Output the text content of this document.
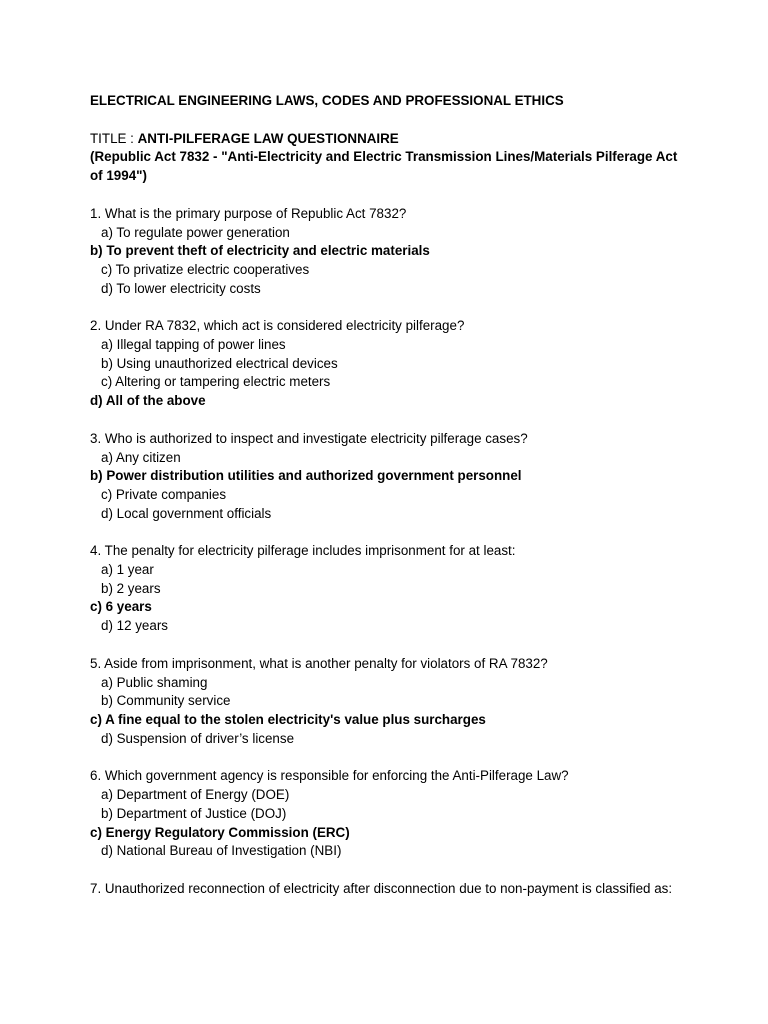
ELECTRICAL ENGINEERING LAWS, CODES AND PROFESSIONAL ETHICS

TITLE : ANTI-PILFERAGE LAW QUESTIONNAIRE

(Republic Act 7832 - "Anti-Electricity and Electric Transmission Lines/Materials Pilferage Act of 1994")

1. What is the primary purpose of Republic Act 7832?

a) To regulate power generation
b) To prevent theft of electricity and electric materials
c) To privatize electric cooperatives
d) To lower electricity costs

2. Under RA 7832, which act is considered electricity pilferage?

a) Illegal tapping of power lines
b) Using unauthorized electrical devices
c) Altering or tampering electric meters
d) All of the above

3. Who is authorized to inspect and investigate electricity pilferage cases?

a) Any citizen
b) Power distribution utilities and authorized government personnel
c) Private companies
d) Local government officials

4. The penalty for electricity pilferage includes imprisonment for at least:

a) 1 year
b) 2 years
c) 6 years
d) 12 years

5. Aside from imprisonment, what is another penalty for violators of RA 7832?

a) Public shaming
b) Community service
c) A fine equal to the stolen electricity's value plus surcharges
d) Suspension of driver’s license

6. Which government agency is responsible for enforcing the Anti-Pilferage Law?

a) Department of Energy (DOE)
b) Department of Justice (DOJ)
c) Energy Regulatory Commission (ERC)
d) National Bureau of Investigation (NBI)

7. Unauthorized reconnection of electricity after disconnection due to non-payment is classified as:
